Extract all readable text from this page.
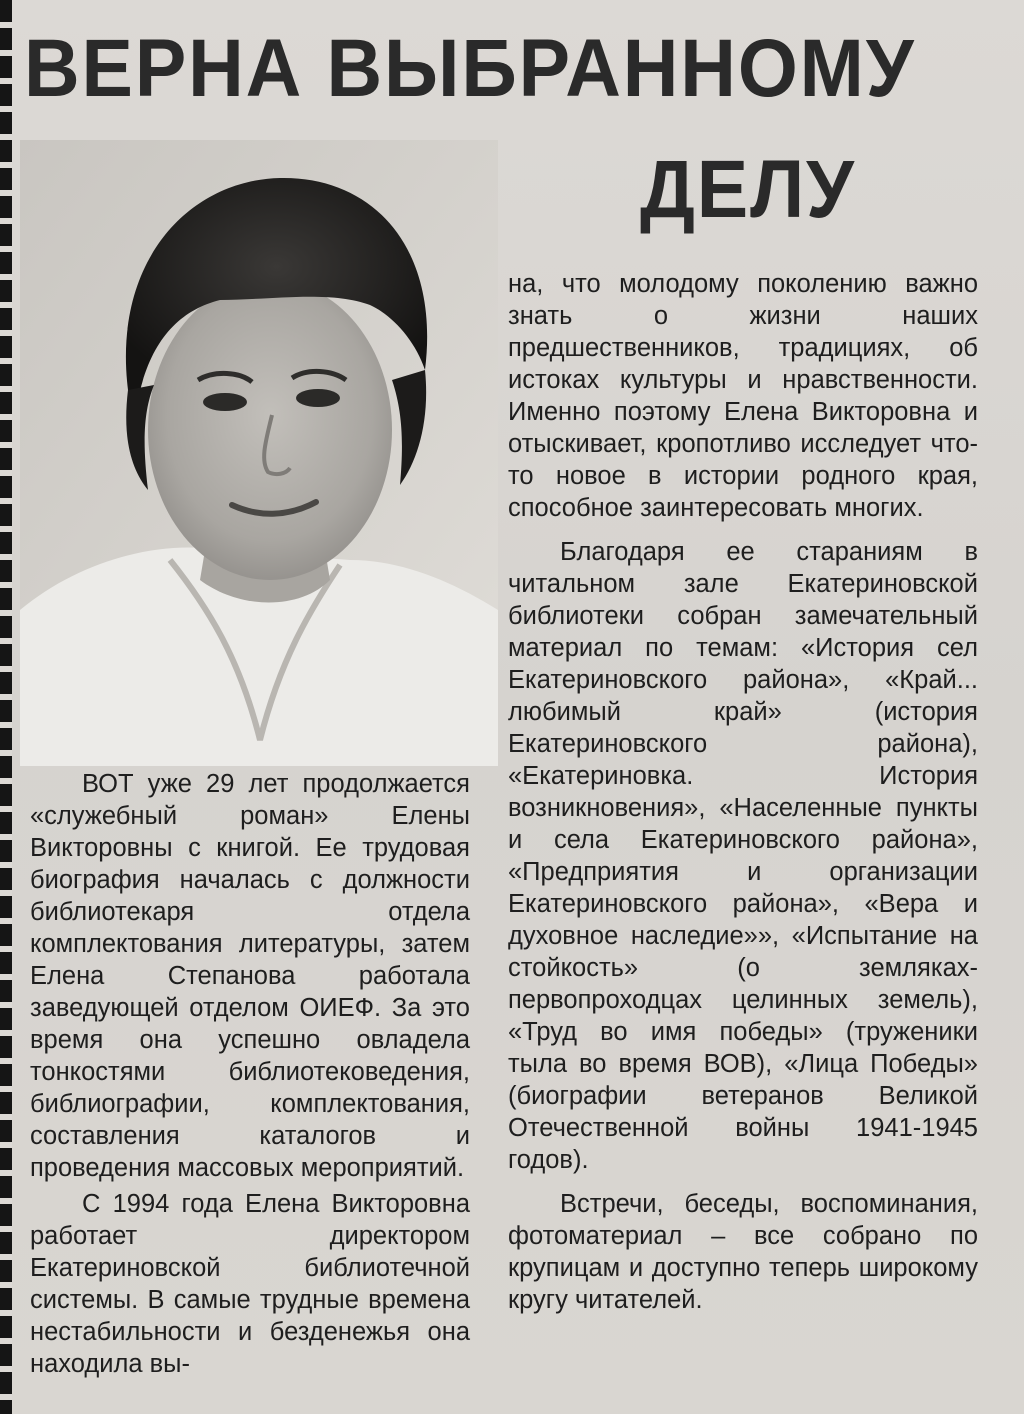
ВЕРНА ВЫБРАННОМУ
ДЕЛУ

ВОТ уже 29 лет продолжается «служебный роман» Елены Викторовны с книгой. Ее трудовая биография началась с должности библиотекаря отдела комплектования литературы, затем Елена Степанова работала заведующей отделом ОИЕФ. За это время она успешно овладела тонкостями библиотековедения, библиографии, комплектования, составления каталогов и проведения массовых мероприятий.

С 1994 года Елена Викторовна работает директором Екатериновской библиотечной системы. В самые трудные времена нестабильности и безденежья она находила вы-

на, что молодому поколению важно знать о жизни наших предшественников, традициях, об истоках культуры и нравственности. Именно поэтому Елена Викторовна и отыскивает, кропотливо исследует что-то новое в истории родного края, способное заинтересовать многих.

Благодаря ее стараниям в читальном зале Екатериновской библиотеки собран замечательный материал по темам: «История сел Екатериновского района», «Край... любимый край» (история Екатериновского района), «Екатериновка. История возникновения», «Населенные пункты и села Екатериновского района», «Предприятия и организации Екатериновского района», «Вера и духовное наследие»», «Испытание на стойкость» (о земляках-первопроходцах целинных земель), «Труд во имя победы» (труженики тыла во время ВОВ), «Лица Победы» (биографии ветеранов Великой Отечественной войны 1941-1945 годов).

Встречи, беседы, воспоминания, фотоматериал – все собрано по крупицам и доступно теперь широкому кругу читателей.
